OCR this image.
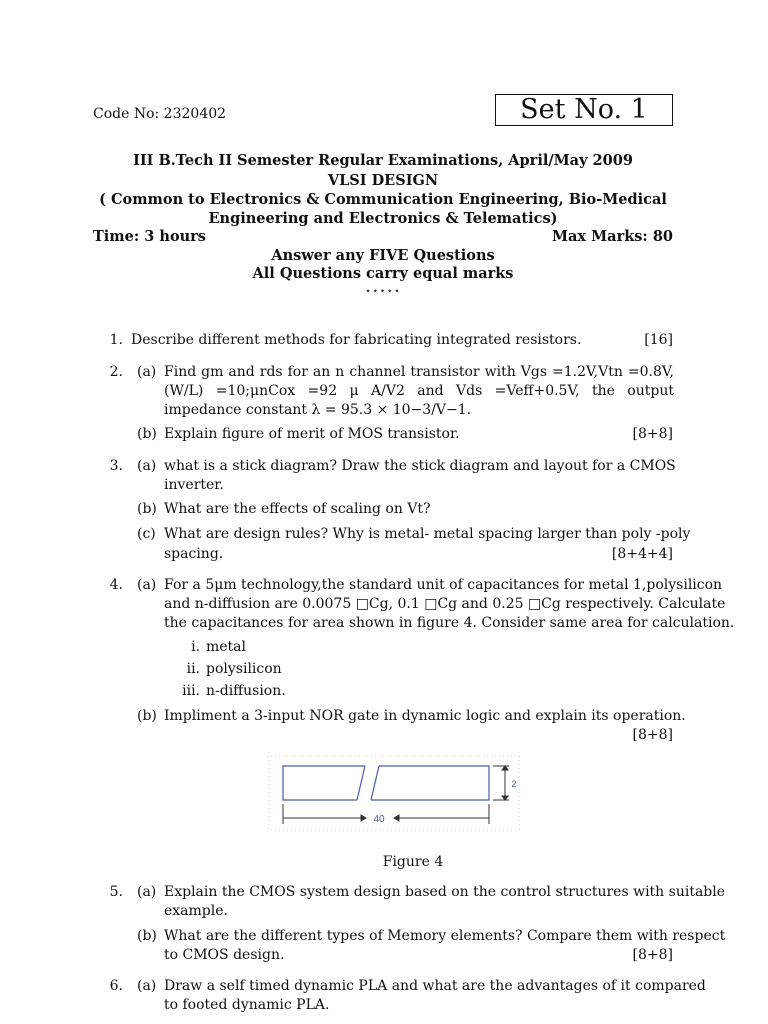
Code No: 2320402	Set No. 1
III B.Tech II Semester Regular Examinations, April/May 2009
VLSI DESIGN
( Common to Electronics & Communication Engineering, Bio-Medical
Engineering and Electronics & Telematics)
Time: 3 hours	Max Marks: 80
Answer any FIVE Questions
All Questions carry equal marks
⋆⋆⋆⋆⋆
1. Describe different methods for fabricating integrated resistors.	[16]
2. (a) Find gm and rds for an n channel transistor with Vgs =1.2V,Vtn =0.8V,(W/L) =10;μnCox =92 μ A/V2 and Vds =Veff+0.5V, the output impedance constant λ = 95.3 × 10−3/V−1.
(b) Explain figure of merit of MOS transistor.	[8+8]
3. (a) what is a stick diagram? Draw the stick diagram and layout for a CMOS
inverter.
(b) What are the effects of scaling on Vt?
(c) What are design rules? Why is metal- metal spacing larger than poly -poly
spacing.	[8+4+4]
4. (a) For a 5μm technology,the standard unit of capacitances for metal 1,polysilicon
and n-diffusion are 0.0075 □Cg, 0.1 □Cg and 0.25 □Cg respectively. Calculate
the capacitances for area shown in figure 4. Consider same area for calculation.
i. metal
ii. polysilicon
iii. n-diffusion.
(b) Impliment a 3-input NOR gate in dynamic logic and explain its operation.
[8+8]
40
2
Figure 4
5. (a) Explain the CMOS system design based on the control structures with suitable
example.
(b) What are the different types of Memory elements? Compare them with respect
to CMOS design.	[8+8]
6. (a) Draw a self timed dynamic PLA and what are the advantages of it compared
to footed dynamic PLA.
